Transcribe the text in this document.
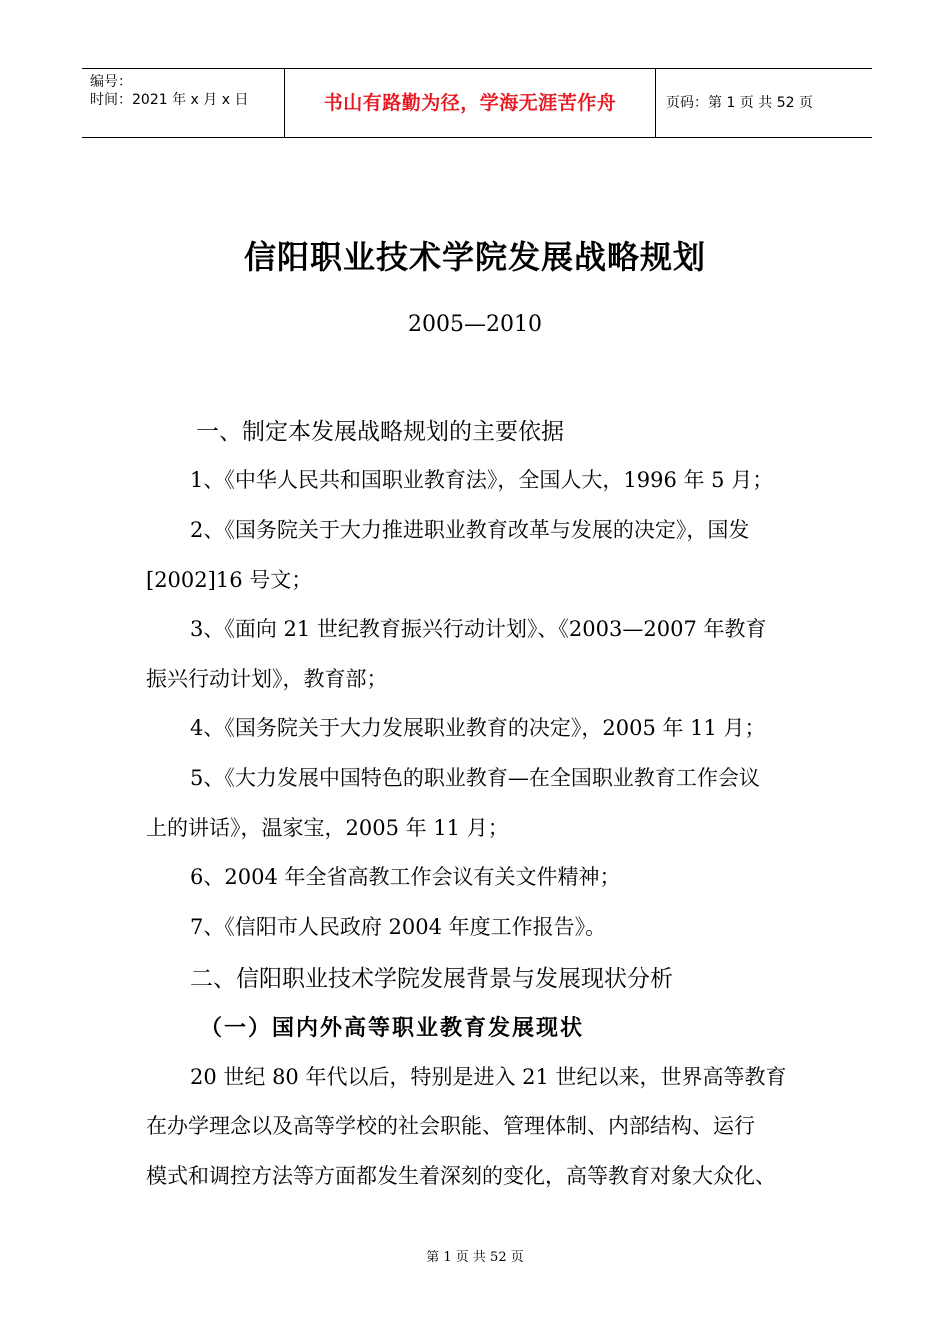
编号：
时间：2021 年 x 月 x 日	书山有路勤为径，学海无涯苦作舟	页码：第 1 页 共 52 页
信阳职业技术学院发展战略规划
2005—2010
一、制定本发展战略规划的主要依据
1、《中华人民共和国职业教育法》，全国人大，1996 年 5 月；
2、《国务院关于大力推进职业教育改革与发展的决定》，国发
[2002]16 号文；
3、《面向 21 世纪教育振兴行动计划》、《2003—2007 年教育
振兴行动计划》，教育部；
4、《国务院关于大力发展职业教育的决定》，2005 年 11 月；
5、《大力发展中国特色的职业教育—在全国职业教育工作会议
上的讲话》，温家宝，2005 年 11 月；
6、2004 年全省高教工作会议有关文件精神；
7、《信阳市人民政府 2004 年度工作报告》。
二、信阳职业技术学院发展背景与发展现状分析
（一）国内外高等职业教育发展现状
20 世纪 80 年代以后，特别是进入 21 世纪以来，世界高等教育
在办学理念以及高等学校的社会职能、管理体制、内部结构、运行
模式和调控方法等方面都发生着深刻的变化，高等教育对象大众化、
第 1 页 共 52 页
